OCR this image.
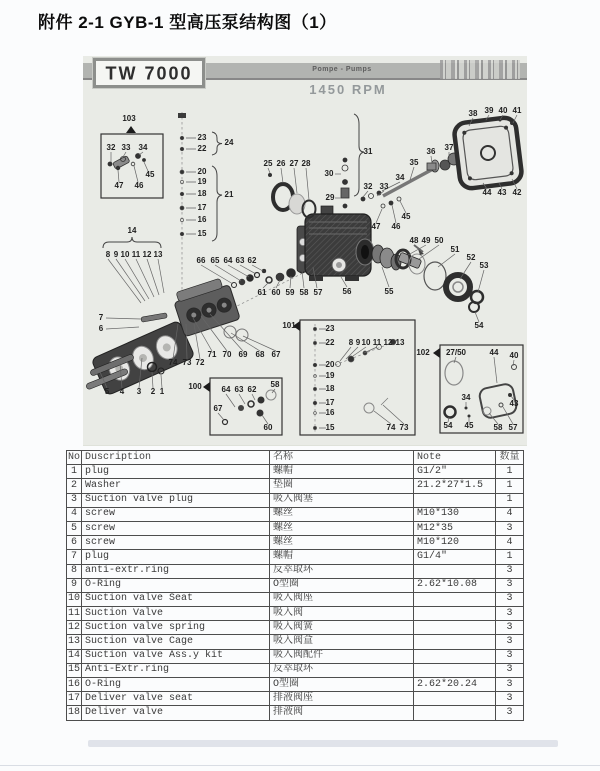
附件 2-1 GYB-1 型高压泵结构图（1）
TW 7000	Pompe - Pumps
1450 RPM
103
32 33 34
45
47 46
14
8 9 10 11 12 13
23
22
24
20
19
18 21
17
16
15
25 26 27 28
30
29
31
35
36 37
38 39 40 41
32 33
34
47 46
45
44 43 42
48 49 50
51
52
53
54
66 65 64 63 62
61 60 59 58 57	56	55
7
6
71 70 69 68 67
74 73 72
5 4 3 2 1
100
101
102
23
22
20
19
18
17
16
15
8 9 10 11 12 13
74 73
27/50	44 40
34
43
54 45	58 57
64 63 62
58
67
60
No	Duscription	名称	Note	数量
1	plug	螺帽	G1/2″	1
2	Washer	垫圈	21.2*27*1.5	1
3	Suction valve plug	吸入阀塞		1
4	screw	螺丝	M10*130	4
5	screw	螺丝	M12*35	3
6	screw	螺丝	M10*120	4
7	plug	螺帽	G1/4″	1
8	anti-extr.ring	反萃取环		3
9	O-Ring	O型圈	2.62*10.08	3
10	Suction valve Seat	吸入阀座		3
11	Suction Valve	吸入阀		3
12	Suction valve spring	吸入阀簧		3
13	Suction valve Cage	吸入阀盒		3
14	Suction valve Ass.y kit	吸入阀配件		3
15	Anti-Extr.ring	反萃取环		3
16	O-Ring	O型圈	2.62*20.24	3
17	Deliver valve seat	排液阀座		3
18	Deliver valve	排液阀		3
